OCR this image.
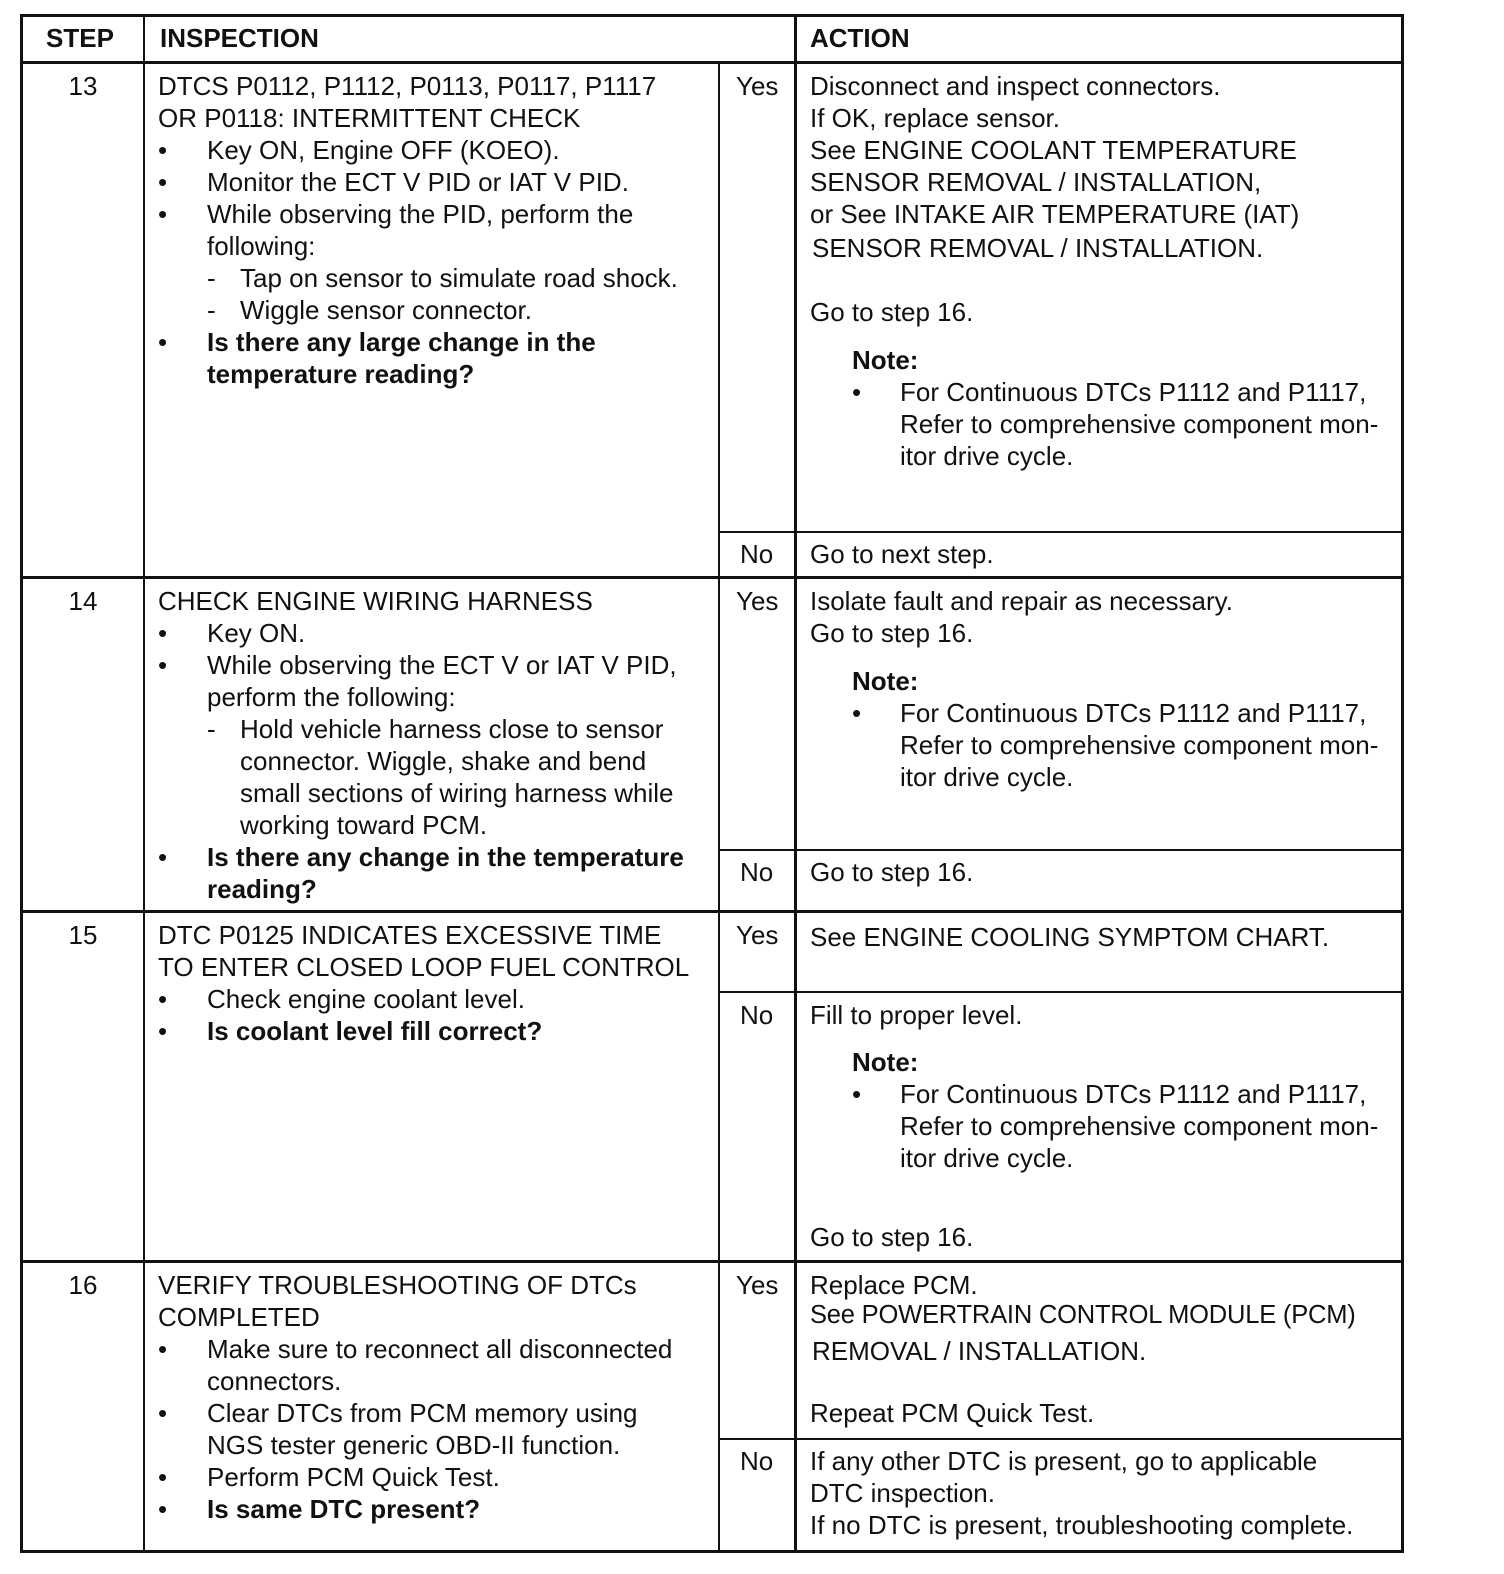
STEP INSPECTION	ACTION
13	DTCS P0112, P1112, P0113, P0117, P1117
OR P0118: INTERMITTENT CHECK
• Key ON, Engine OFF (KOEO).
• Monitor the ECT V PID or IAT V PID.
• While observing the PID, perform the
following:
- Tap on sensor to simulate road shock.
- Wiggle sensor connector.
• Is there any large change in the
temperature reading?
Yes Disconnect and inspect connectors.
If OK, replace sensor.
See ENGINE COOLANT TEMPERATURE
SENSOR REMOVAL / INSTALLATION,
or See INTAKE AIR TEMPERATURE (IAT)
SENSOR REMOVAL / INSTALLATION.
Go to step 16.
Note:
• For Continuous DTCs P1112 and P1117,
Refer to comprehensive component mon-
itor drive cycle.
No Go to next step.
14	CHECK ENGINE WIRING HARNESS
• Key ON.
• While observing the ECT V or IAT V PID,
perform the following:
- Hold vehicle harness close to sensor
connector. Wiggle, shake and bend
small sections of wiring harness while
working toward PCM.
• Is there any change in the temperature
reading?
Yes Isolate fault and repair as necessary.
Go to step 16.
Note:
• For Continuous DTCs P1112 and P1117,
Refer to comprehensive component mon-
itor drive cycle.
No Go to step 16.
15	DTC P0125 INDICATES EXCESSIVE TIME
TO ENTER CLOSED LOOP FUEL CONTROL
• Check engine coolant level.
• Is coolant level fill correct?
Yes See ENGINE COOLING SYMPTOM CHART.
No Fill to proper level.
Note:
• For Continuous DTCs P1112 and P1117,
Refer to comprehensive component mon-
itor drive cycle.
Go to step 16.
16	VERIFY TROUBLESHOOTING OF DTCs
COMPLETED
• Make sure to reconnect all disconnected
connectors.
• Clear DTCs from PCM memory using
NGS tester generic OBD-II function.
• Perform PCM Quick Test.
• Is same DTC present?
Yes Replace PCM.
See POWERTRAIN CONTROL MODULE (PCM)
REMOVAL / INSTALLATION.
Repeat PCM Quick Test.
No If any other DTC is present, go to applicable
DTC inspection.
If no DTC is present, troubleshooting complete.
